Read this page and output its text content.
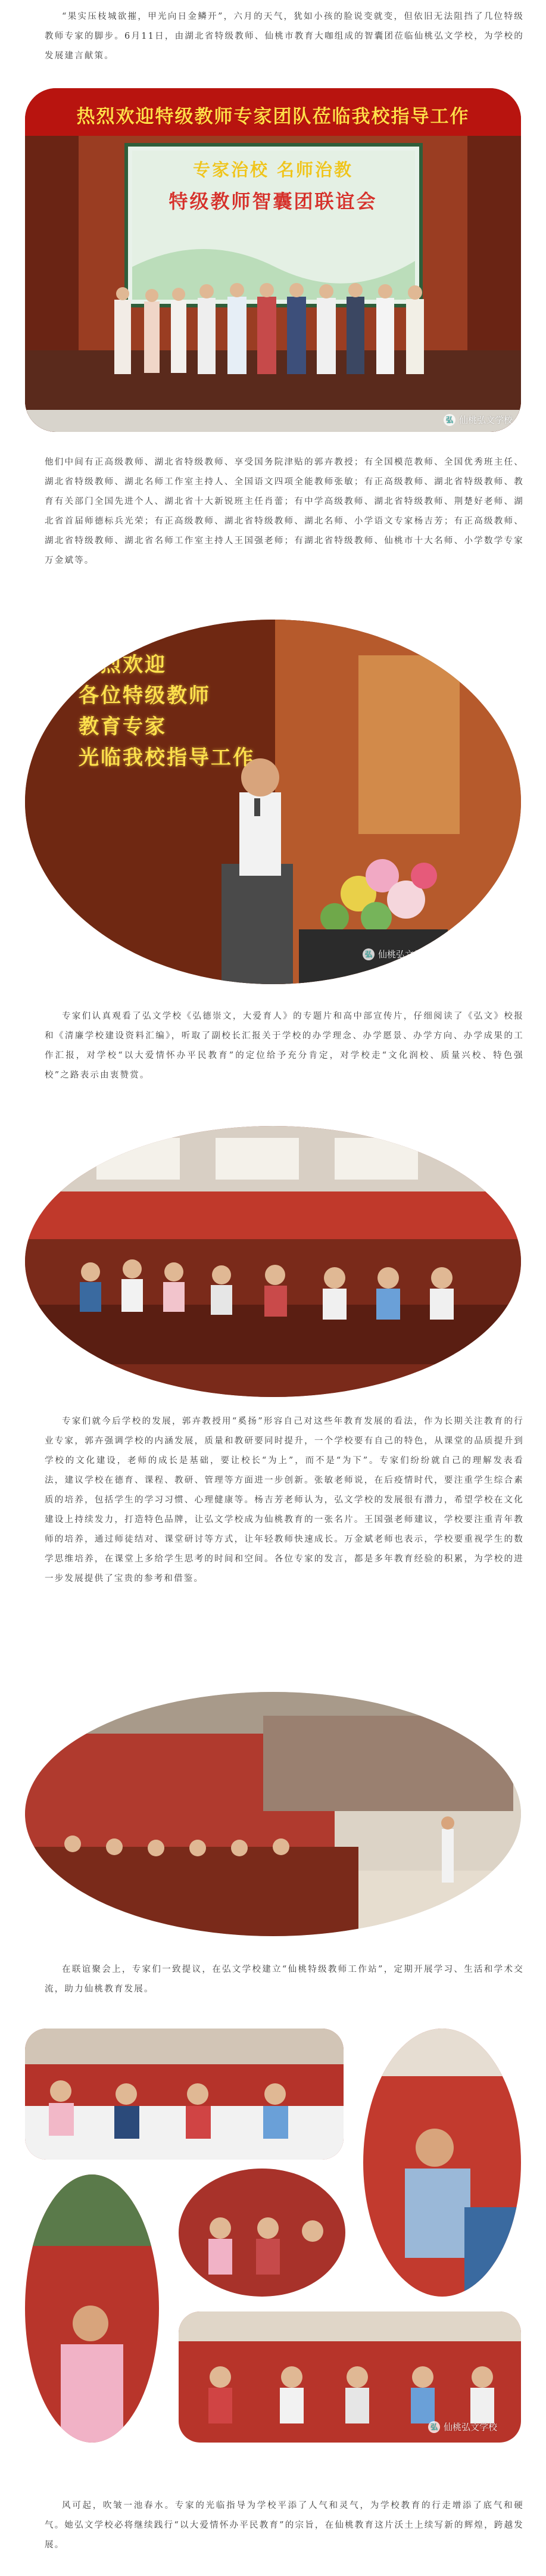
“果实压枝城欲摧，甲光向日金鳞开”，六月的天气，犹如小孩的脸说变就变，但依旧无法阻挡了几位特级教师专家的脚步。6月11日，由湖北省特级教师、仙桃市教育大咖组成的智囊团莅临仙桃弘文学校，为学校的发展建言献策。

热烈欢迎特级教师专家团队莅临我校指导工作
专家治校 名师治教
特级教师智囊团联谊会
弘 仙桃弘文学校

他们中间有正高级教师、湖北省特级教师、享受国务院津贴的郭卉教授；有全国模范教师、全国优秀班主任、湖北省特级教师、湖北名师工作室主持人、全国语文四项全能教师张敏；有正高级教师、湖北省特级教师、教育有关部门全国先进个人、湖北省十大新锐班主任肖蕾；有中学高级教师、湖北省特级教师、荆楚好老师、湖北省首届师德标兵光荣；有正高级教师、湖北省特级教师、湖北名师、小学语文专家杨吉芳；有正高级教师、湖北省特级教师、湖北省名师工作室主持人王国强老师；有湖北省特级教师、仙桃市十大名师、小学数学专家万金斌等。

热烈欢迎
各位特级教师
教育专家
光临我校指导工作
弘 仙桃弘文学校

专家们认真观看了弘文学校《弘德崇文，大爱育人》的专题片和高中部宣传片，仔细阅读了《弘文》校报和《清廉学校建设资料汇编》，听取了副校长汇报关于学校的办学理念、办学愿景、办学方向、办学成果的工作汇报，对学校“以大爱情怀办平民教育”的定位给予充分肯定，对学校走“文化润校、质量兴校、特色强校”之路表示由衷赞赏。

弘 仙桃弘文学校

专家们就今后学校的发展，郭卉教授用“奚扬”形容自己对这些年教育发展的看法，作为长期关注教育的行业专家，郭卉强调学校的内涵发展，质量和教研要同时提升，一个学校要有自己的特色，从课堂的品质提升到学校的文化建设，老师的成长是基础，要让校长“为上”，而不是“为下”。专家们纷纷就自己的理解发表看法，建议学校在德育、课程、教研、管理等方面进一步创新。张敏老师说，在后疫情时代，要注重学生综合素质的培养，包括学生的学习习惯、心理健康等。杨吉芳老师认为，弘文学校的发展很有潜力，希望学校在文化建设上持续发力，打造特色品牌，让弘文学校成为仙桃教育的一张名片。王国强老师建议，学校要注重青年教师的培养，通过师徒结对、课堂研讨等方式，让年轻教师快速成长。万金斌老师也表示，学校要重视学生的数学思维培养，在课堂上多给学生思考的时间和空间。各位专家的发言，都是多年教育经验的积累，为学校的进一步发展提供了宝贵的参考和借鉴。

弘 仙桃弘文学校

在联谊聚会上，专家们一致提议，在弘文学校建立“仙桃特级教师工作站”，定期开展学习、生活和学术交流，助力仙桃教育发展。

弘 仙桃弘文学校

风可起，吹皱一池春水。专家的光临指导为学校平添了人气和灵气，为学校教育的行走增添了底气和硬气。她弘文学校必将继续践行“以大爱情怀办平民教育”的宗旨，在仙桃教育这片沃土上续写新的辉煌，跨越发展。
